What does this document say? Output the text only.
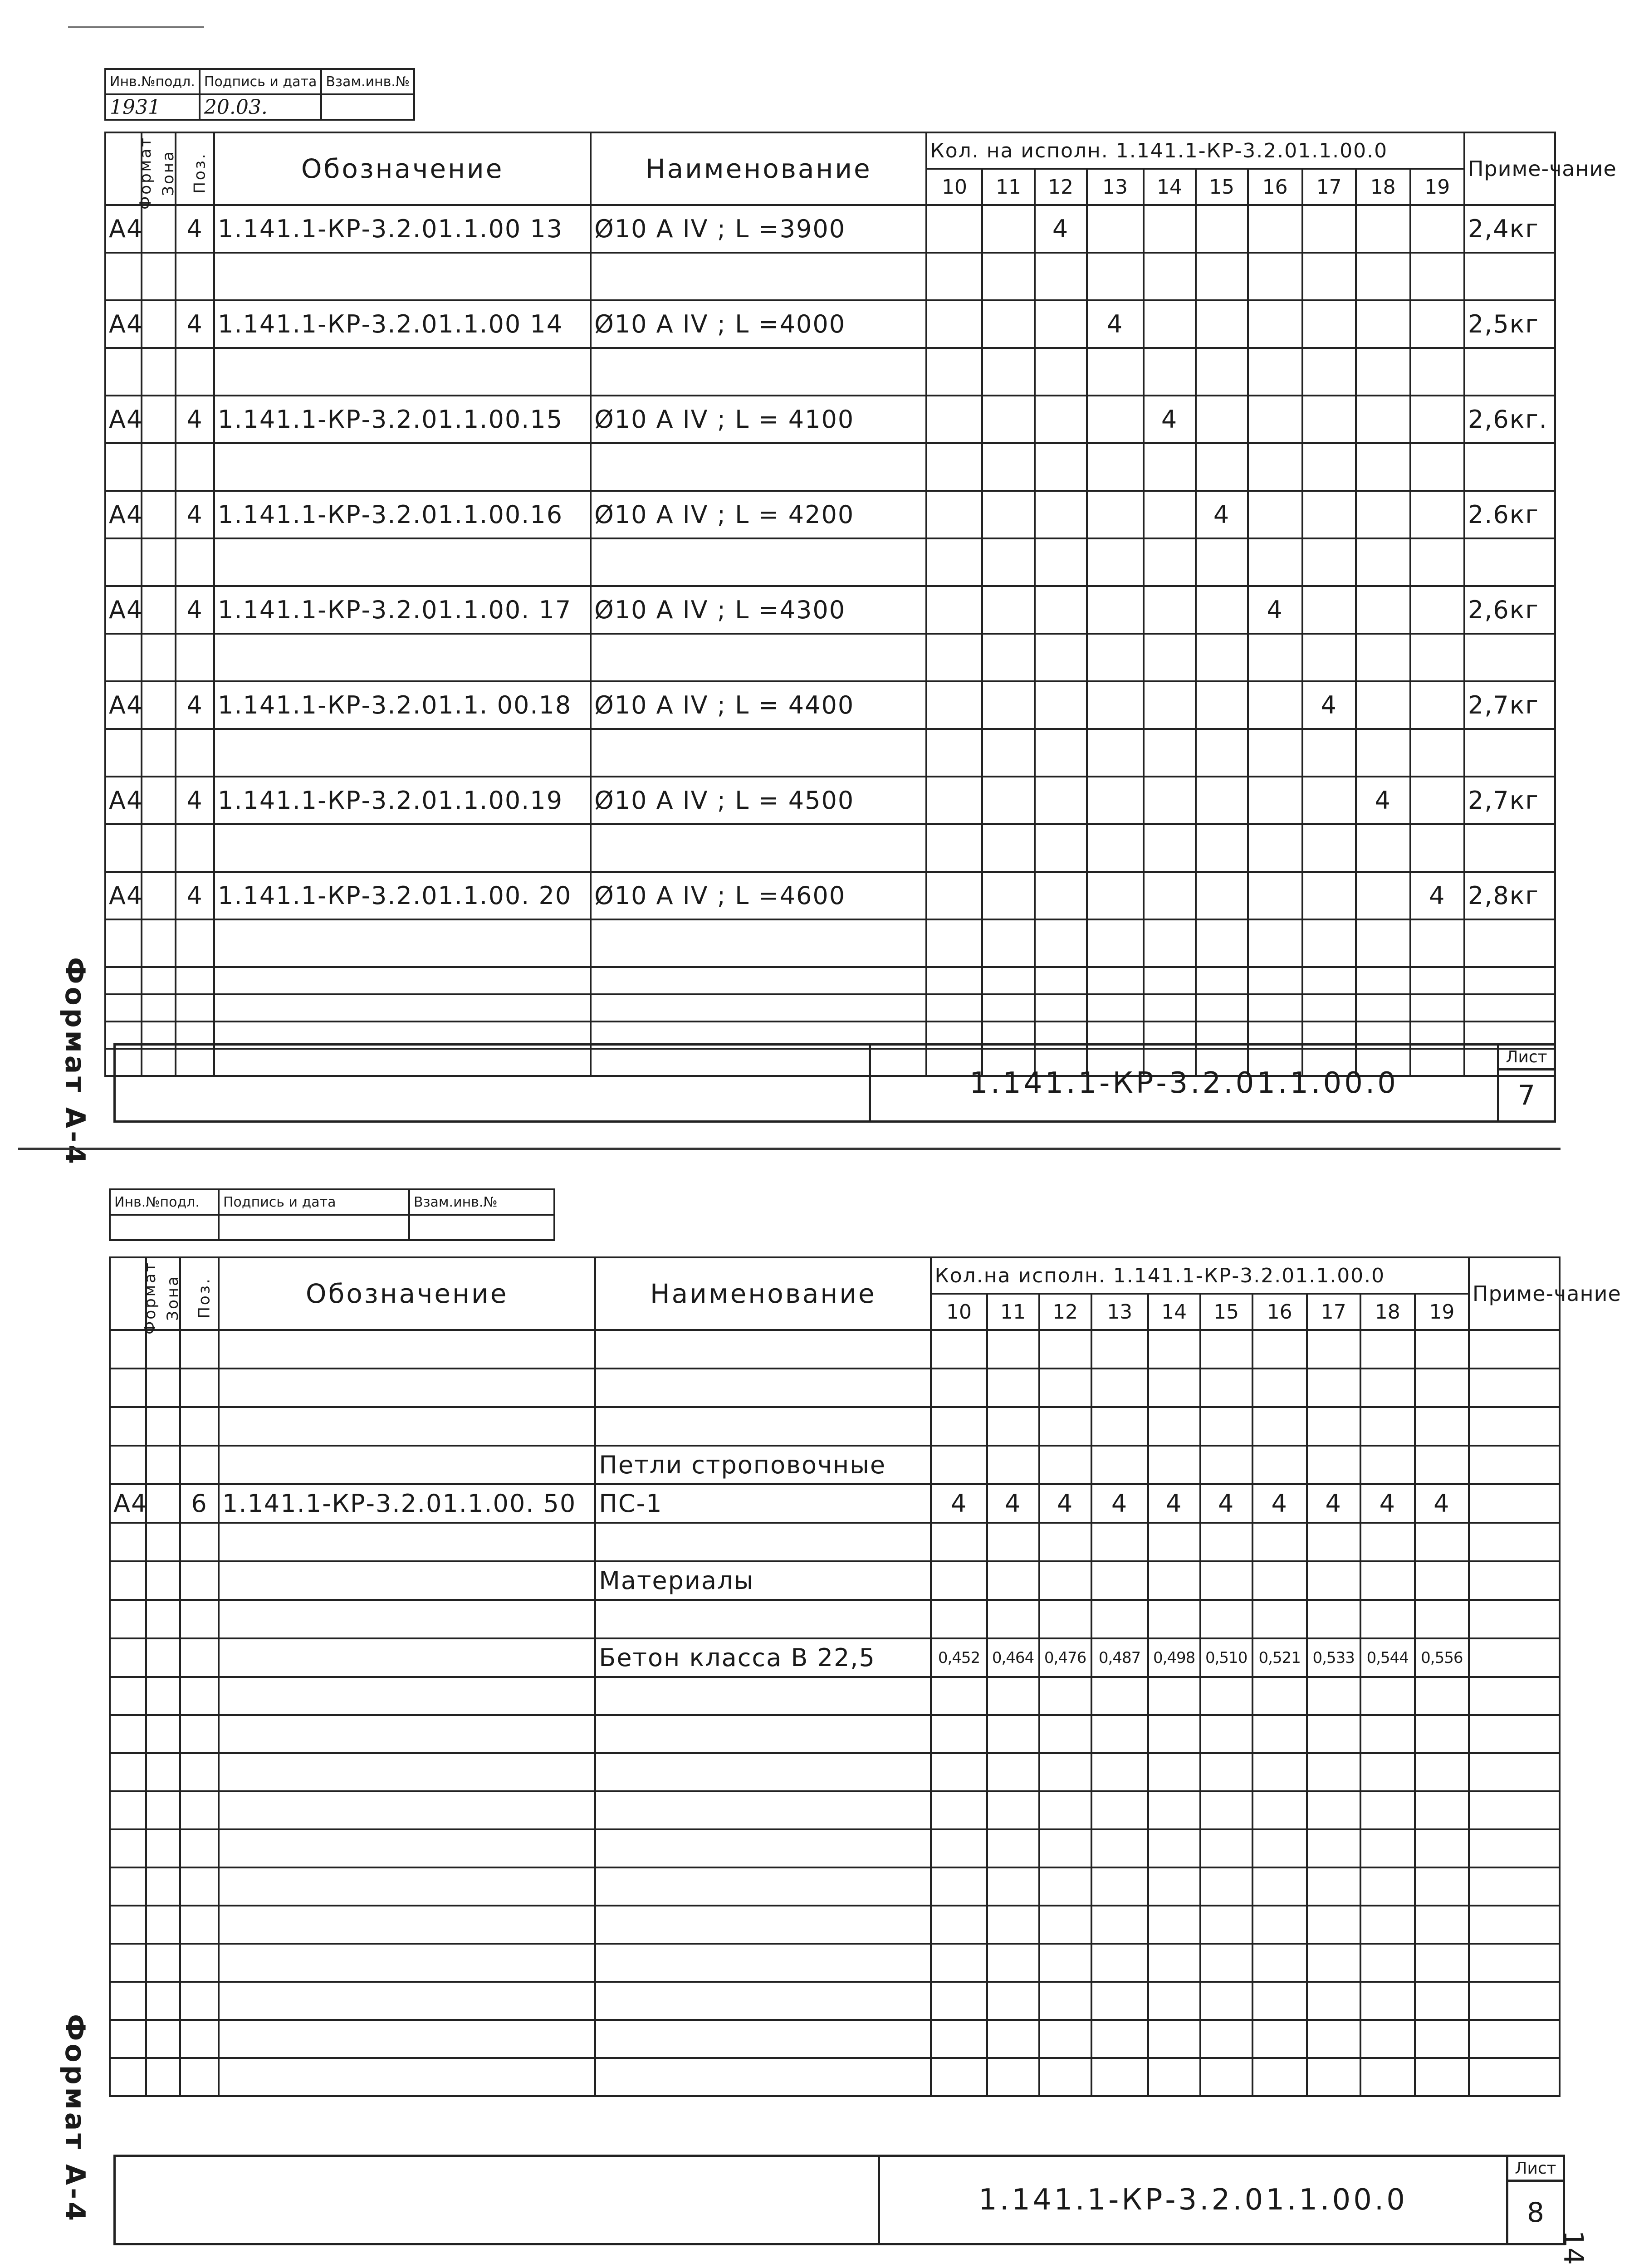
Инв.№подл.	Подпись и дата	Взам.инв.№
1931	20.03.	
Формат	Зона	Поз.	Обозначение	Наименование	Кол. на исполн. 1.141.1-КР-3.2.01.1.00.0										Приме-чание
					10	11	12	13	14	15	16	17	18	19	
А4		4	1.141.1-КР-3.2.01.1.00 13	Ø10 А IV ; L =3900			4								2,4кг

А4		4	1.141.1-КР-3.2.01.1.00 14	Ø10 А IV ; L =4000				4							2,5кг

А4		4	1.141.1-КР-3.2.01.1.00.15	Ø10 А IV ; L = 4100					4						2,6кг.

А4		4	1.141.1-КР-3.2.01.1.00.16	Ø10 А IV ; L = 4200						4					2.6кг

А4		4	1.141.1-КР-3.2.01.1.00. 17	Ø10 А IV ; L =4300							4				2,6кг

А4		4	1.141.1-КР-3.2.01.1. 00.18	Ø10 А IV ; L = 4400								4			2,7кг

А4		4	1.141.1-КР-3.2.01.1.00.19	Ø10 А IV ; L = 4500									4		2,7кг

А4		4	1.141.1-КР-3.2.01.1.00. 20	Ø10 А IV ; L =4600										4	2,8кг

	1.141.1-КР-3.2.01.1.00.0	Лист
7
Формат А-4
Инв.№подл.	Подпись и дата	Взам.инв.№

Формат	Зона	Поз.	Обозначение	Наименование	Кол.на исполн. 1.141.1-КР-3.2.01.1.00.0										Приме-чание
					10	11	12	13	14	15	16	17	18	19	

				Петли строповочные											
А4		6	1.141.1-КР-3.2.01.1.00. 50	ПС-1	4	4	4	4	4	4	4	4	4	4	

				Материалы											

				Бетон класса В 22,5	0,452	0,464	0,476	0,487	0,498	0,510	0,521	0,533	0,544	0,556	

	1.141.1-КР-3.2.01.1.00.0	Лист
8
Формат А-4
14
